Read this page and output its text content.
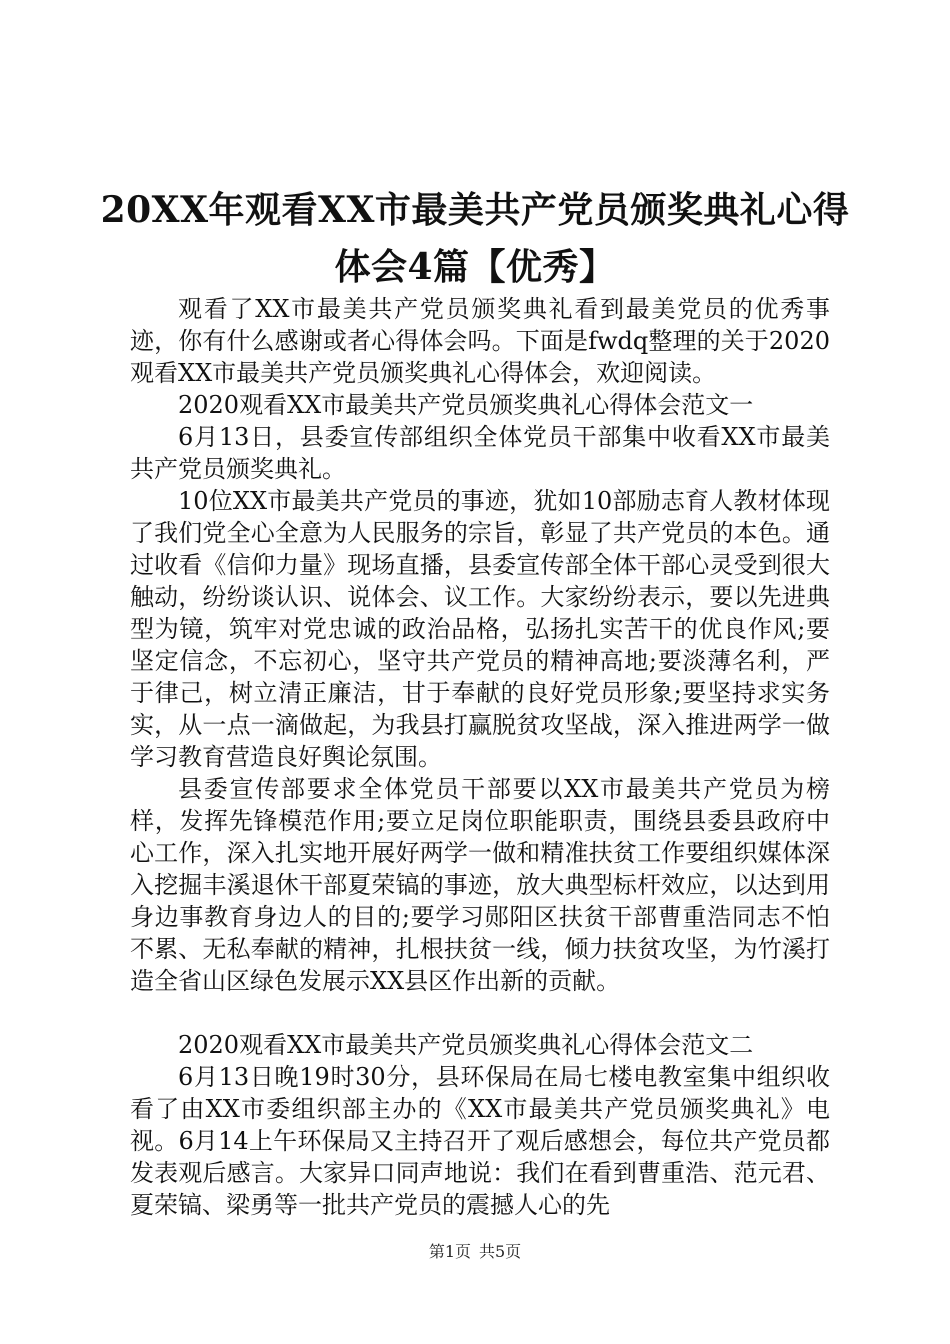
20XX年观看XX市最美共产党员颁奖典礼心得
体会4篇【优秀】

观看了XX市最美共产党员颁奖典礼看到最美党员的优秀事迹，你有什么感谢或者心得体会吗。下面是fwdq整理的关于2020观看XX市最美共产党员颁奖典礼心得体会，欢迎阅读。

2020观看XX市最美共产党员颁奖典礼心得体会范文一

6月13日，县委宣传部组织全体党员干部集中收看XX市最美共产党员颁奖典礼。

10位XX市最美共产党员的事迹，犹如10部励志育人教材体现了我们党全心全意为人民服务的宗旨，彰显了共产党员的本色。通过收看《信仰力量》现场直播，县委宣传部全体干部心灵受到很大触动，纷纷谈认识、说体会、议工作。大家纷纷表示，要以先进典型为镜，筑牢对党忠诚的政治品格，弘扬扎实苦干的优良作风;要坚定信念，不忘初心，坚守共产党员的精神高地;要淡薄名利，严于律己，树立清正廉洁，甘于奉献的良好党员形象;要坚持求实务实，从一点一滴做起，为我县打赢脱贫攻坚战，深入推进两学一做学习教育营造良好舆论氛围。

县委宣传部要求全体党员干部要以XX市最美共产党员为榜样，发挥先锋模范作用;要立足岗位职能职责，围绕县委县政府中心工作，深入扎实地开展好两学一做和精准扶贫工作要组织媒体深入挖掘丰溪退休干部夏荣镐的事迹，放大典型标杆效应，以达到用身边事教育身边人的目的;要学习郧阳区扶贫干部曹重浩同志不怕不累、无私奉献的精神，扎根扶贫一线，倾力扶贫攻坚，为竹溪打造全省山区绿色发展示XX县区作出新的贡献。

2020观看XX市最美共产党员颁奖典礼心得体会范文二

6月13日晚19时30分，县环保局在局七楼电教室集中组织收看了由XX市委组织部主办的《XX市最美共产党员颁奖典礼》电视。6月14上午环保局又主持召开了观后感想会，每位共产党员都发表观后感言。大家异口同声地说：我们在看到曹重浩、范元君、夏荣镐、梁勇等一批共产党员的震撼人心的先

第1页 共5页
